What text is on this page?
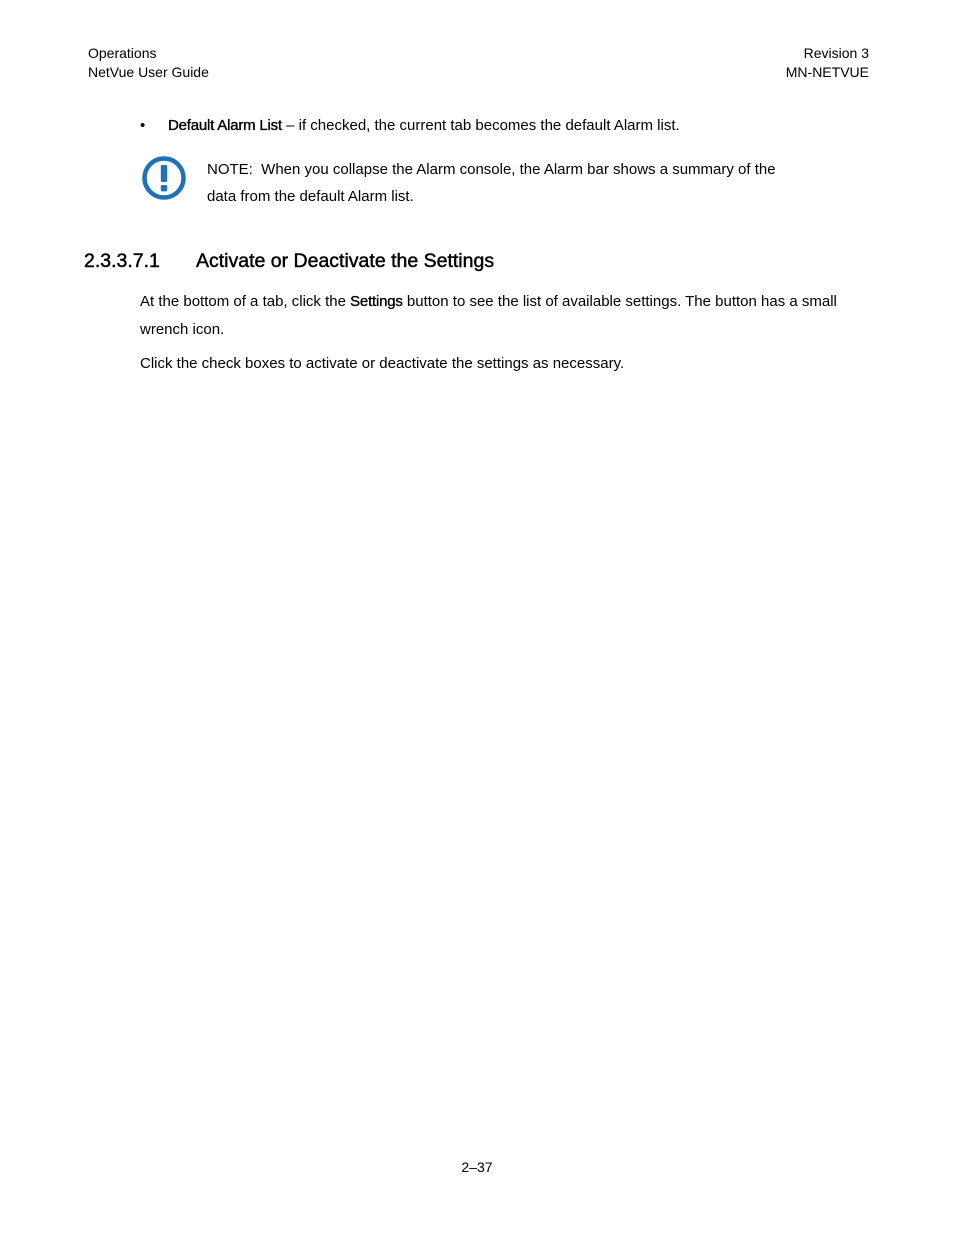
Operations
NetVue User Guide
Revision 3
MN-NETVUE
• Default Alarm List – if checked, the current tab becomes the default Alarm list.
NOTE:  When you collapse the Alarm console, the Alarm bar shows a summary of the
data from the default Alarm list.
2.3.3.7.1 Activate or Deactivate the Settings
At the bottom of a tab, click the Settings button to see the list of available settings. The button has a small
wrench icon.
Click the check boxes to activate or deactivate the settings as necessary.
2–37
